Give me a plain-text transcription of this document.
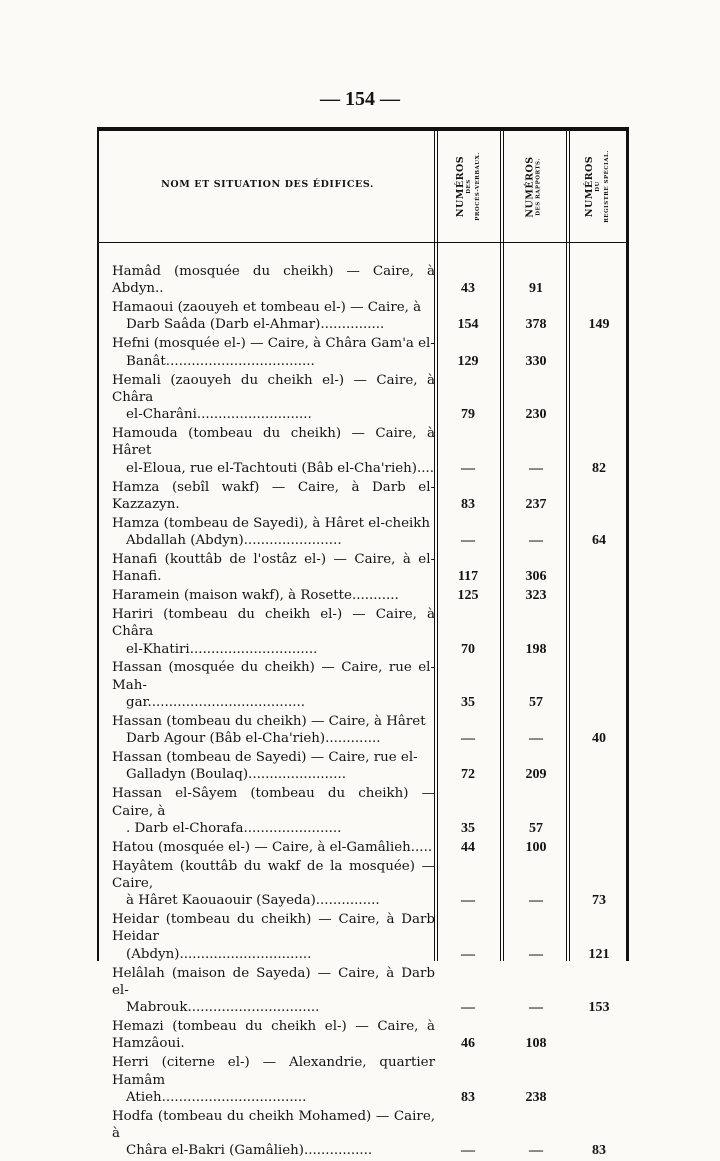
— 154 —
NOM ET SITUATION DES ÉDIFICES.	NUMÉROS DES PROCÈS-VERBAUX.	NUMÉROS DES RAPPORTS.	NUMÉROS DU REGISTRE SPÉCIAL.
Hamâd (mosquée du cheikh) — Caire, à Abdyn..	43	91
Hamaoui (zaouyeh et tombeau el-) — Caire, à
Darb Saâda (Darb el-Ahmar)...............	154	378	149
Hefni (mosquée el-) — Caire, à Châra Gam'a el-
Banât...................................	129	330
Hemali (zaouyeh du cheikh el-) — Caire, à Châra
el-Charâni...........................	79	230
Hamouda (tombeau du cheikh) — Caire, à Hâret
el-Eloua, rue el-Tachtouti (Bâb el-Cha'rieh)....	—	—	82
Hamza (sebîl wakf) — Caire, à Darb el-Kazzazyn.	83	237
Hamza (tombeau de Sayedi), à Hâret el-cheikh
Abdallah (Abdyn).......................	—	—	64
Hanafi (kouttâb de l'ostâz el-) — Caire, à el-Hanafi.	117	306
Haramein (maison wakf), à Rosette...........	125	323
Hariri (tombeau du cheikh el-) — Caire, à Châra
el-Khatiri..............................	70	198
Hassan (mosquée du cheikh) — Caire, rue el-Mah-
gar.....................................	35	57
Hassan (tombeau du cheikh) — Caire, à Hâret
Darb Agour (Bâb el-Cha'rieh).............	—	—	40
Hassan (tombeau de Sayedi) — Caire, rue el-
Galladyn (Boulaq).......................	72	209
Hassan el-Sâyem (tombeau du cheikh) — Caire, à
. Darb el-Chorafa.......................	35	57
Hatou (mosquée el-) — Caire, à el-Gamâlieh.....	44	100
Hayâtem (kouttâb du wakf de la mosquée) — Caire,
à Hâret Kaouaouir (Sayeda)...............	—	—	73
Heidar (tombeau du cheikh) — Caire, à Darb Heidar
(Abdyn)...............................	—	—	121
Helâlah (maison de Sayeda) — Caire, à Darb el-
Mabrouk...............................	—	—	153
Hemazi (tombeau du cheikh el-) — Caire, à Hamzâoui.	46	108
Herri (citerne el-) — Alexandrie, quartier Hamâm
Atieh..................................	83	238
Hodfa (tombeau du cheikh Mohamed) — Caire, à
Châra el-Bakri (Gamâlieh)................	—	—	83
